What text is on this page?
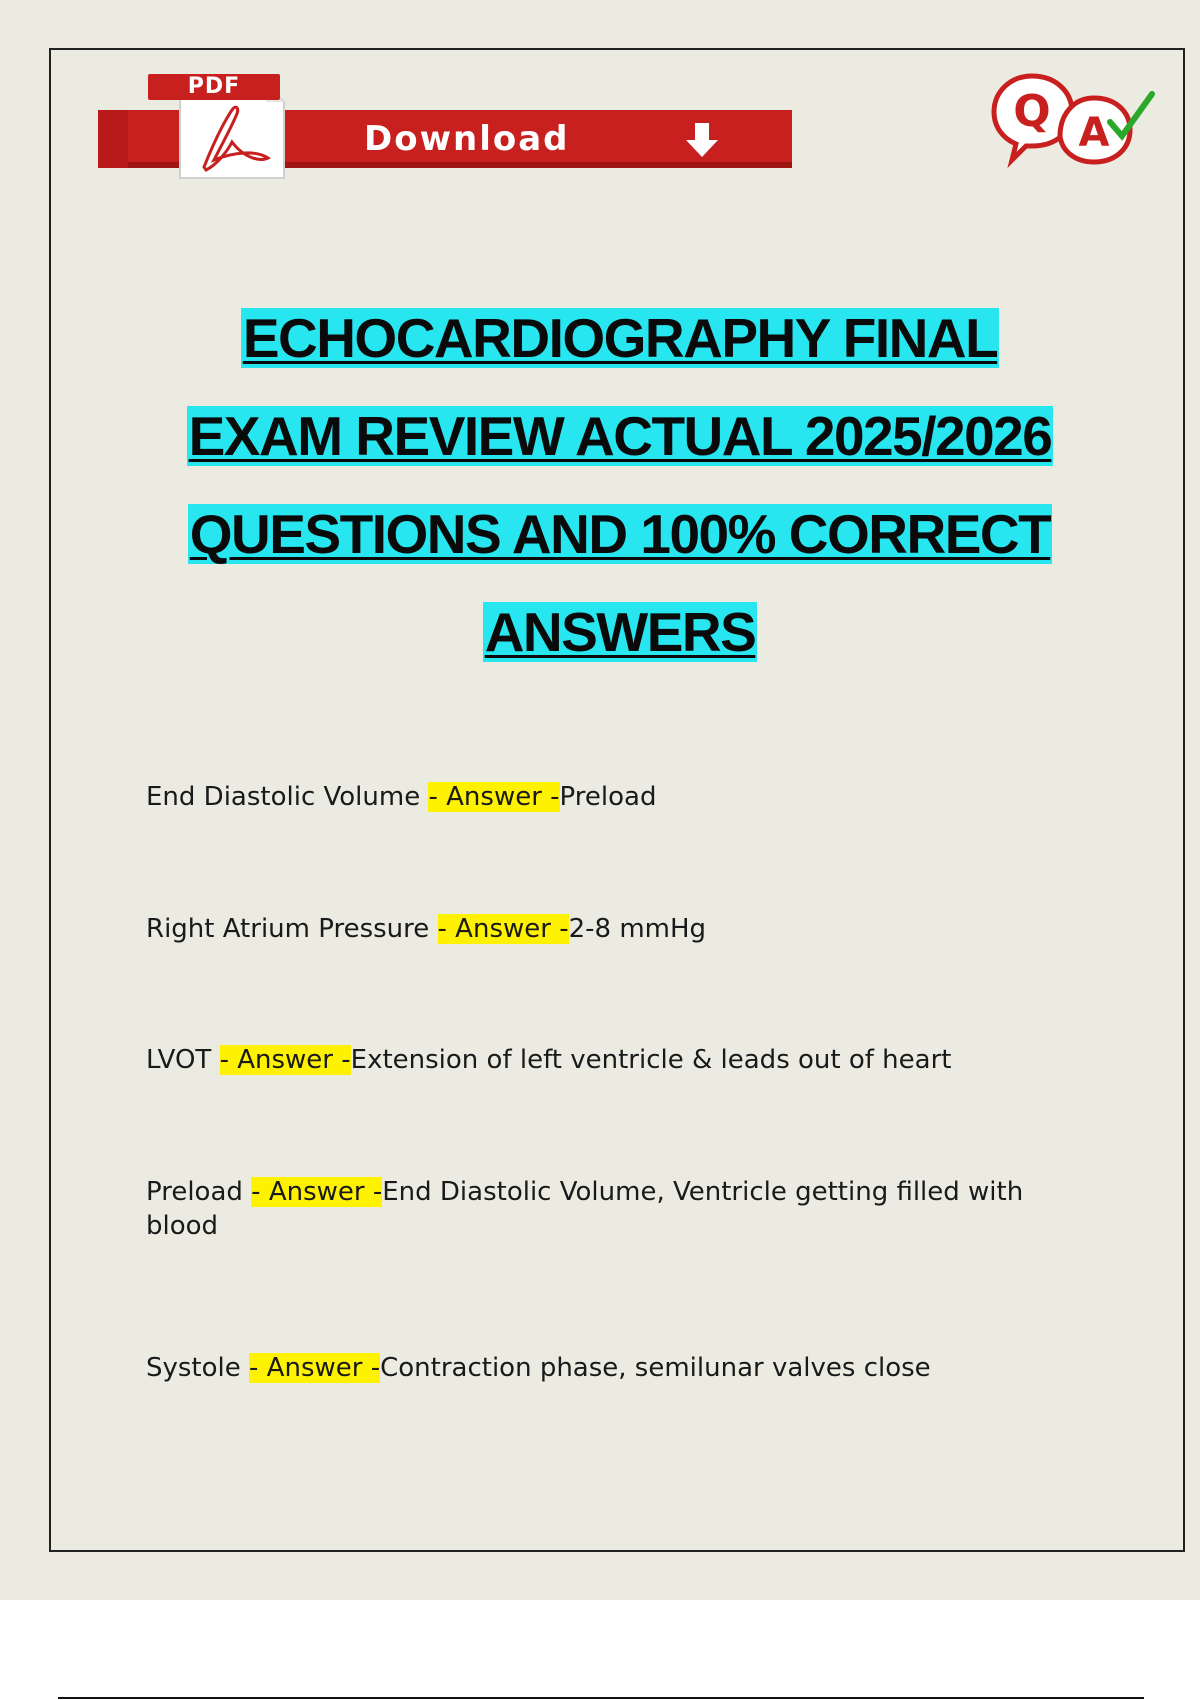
Download
PDF	Q A
ECHOCARDIOGRAPHY FINAL
EXAM REVIEW ACTUAL 2025/2026
QUESTIONS AND 100% CORRECT
ANSWERS
End Diastolic Volume - Answer -Preload
Right Atrium Pressure - Answer -2-8 mmHg
LVOT - Answer -Extension of left ventricle & leads out of heart
Preload - Answer -End Diastolic Volume, Ventricle getting filled with blood
Systole - Answer -Contraction phase, semilunar valves close
